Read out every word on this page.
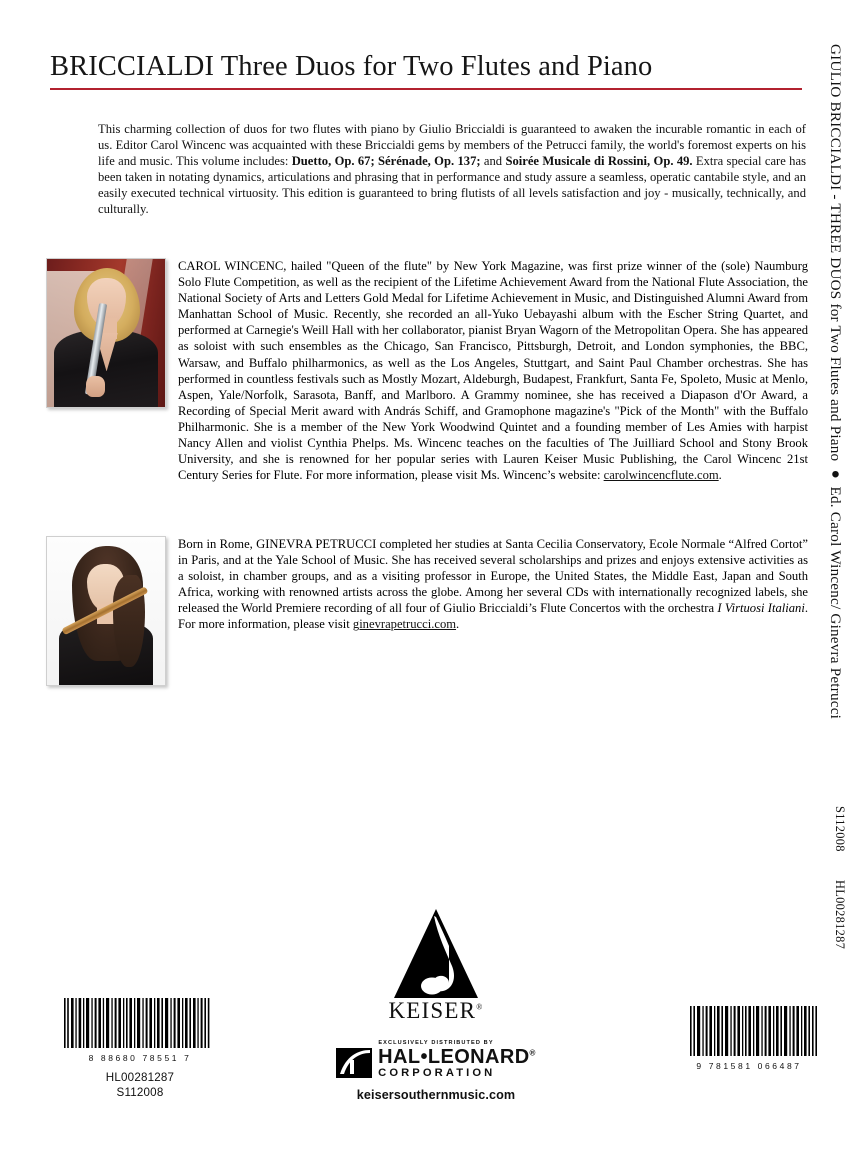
BRICCIALDI Three Duos for Two Flutes and Piano
This charming collection of duos for two flutes with piano by Giulio Briccialdi is guaranteed to awaken the incurable romantic in each of us. Editor Carol Wincenc was acquainted with these Briccialdi gems by members of the Petrucci family, the world's foremost experts on his life and music. This volume includes: Duetto, Op. 67; Sérénade, Op. 137; and Soirée Musicale di Rossini, Op. 49. Extra special care has been taken in notating dynamics, articulations and phrasing that in performance and study assure a seamless, operatic cantabile style, and an easily executed technical virtuosity. This edition is guaranteed to bring flutists of all levels satisfaction and joy - musically, technically, and culturally.
CAROL WINCENC, hailed "Queen of the flute" by New York Magazine, was first prize winner of the (sole) Naumburg Solo Flute Competition, as well as the recipient of the Lifetime Achievement Award from the National Flute Association, the National Society of Arts and Letters Gold Medal for Lifetime Achievement in Music, and Distinguished Alumni Award from Manhattan School of Music. Recently, she recorded an all-Yuko Uebayashi album with the Escher String Quartet, and performed at Carnegie's Weill Hall with her collaborator, pianist Bryan Wagorn of the Metropolitan Opera. She has appeared as soloist with such ensembles as the Chicago, San Francisco, Pittsburgh, Detroit, and London symphonies, the BBC, Warsaw, and Buffalo philharmonics, as well as the Los Angeles, Stuttgart, and Saint Paul Chamber orchestras. She has performed in countless festivals such as Mostly Mozart, Aldeburgh, Budapest, Frankfurt, Santa Fe, Spoleto, Music at Menlo, Aspen, Yale/Norfolk, Sarasota, Banff, and Marlboro. A Grammy nominee, she has received a Diapason d'Or Award, a Recording of Special Merit award with András Schiff, and Gramophone magazine's "Pick of the Month" with the Buffalo Philharmonic. She is a member of the New York Woodwind Quintet and a founding member of Les Amies with harpist Nancy Allen and violist Cynthia Phelps. Ms. Wincenc teaches on the faculties of The Juilliard School and Stony Brook University, and she is renowned for her popular series with Lauren Keiser Music Publishing, the Carol Wincenc 21st Century Series for Flute. For more information, please visit Ms. Wincenc’s website: carolwincencflute.com.
Born in Rome, GINEVRA PETRUCCI completed her studies at Santa Cecilia Conservatory, Ecole Normale “Alfred Cortot” in Paris, and at the Yale School of Music. She has received several scholarships and prizes and enjoys extensive activities as a soloist, in chamber groups, and as a visiting professor in Europe, the United States, the Middle East, Japan and South Africa, working with renowned artists across the globe. Among her several CDs with internationally recognized labels, she released the World Premiere recording of all four of Giulio Briccialdi’s Flute Concertos with the orchestra I Virtuosi Italiani. For more information, please visit ginevrapetrucci.com.
8 88680 78551 7
HL00281287
S112008
KEISER®
EXCLUSIVELY DISTRIBUTED BY
HAL•LEONARD®
CORPORATION
keisersouthernmusic.com
9 781581 066487
GIULIO BRICCIALDI - THREE DUOS for Two Flutes and Piano ● Ed. Carol Wincenc/ Ginevra Petrucci
S112008
HL00281287
